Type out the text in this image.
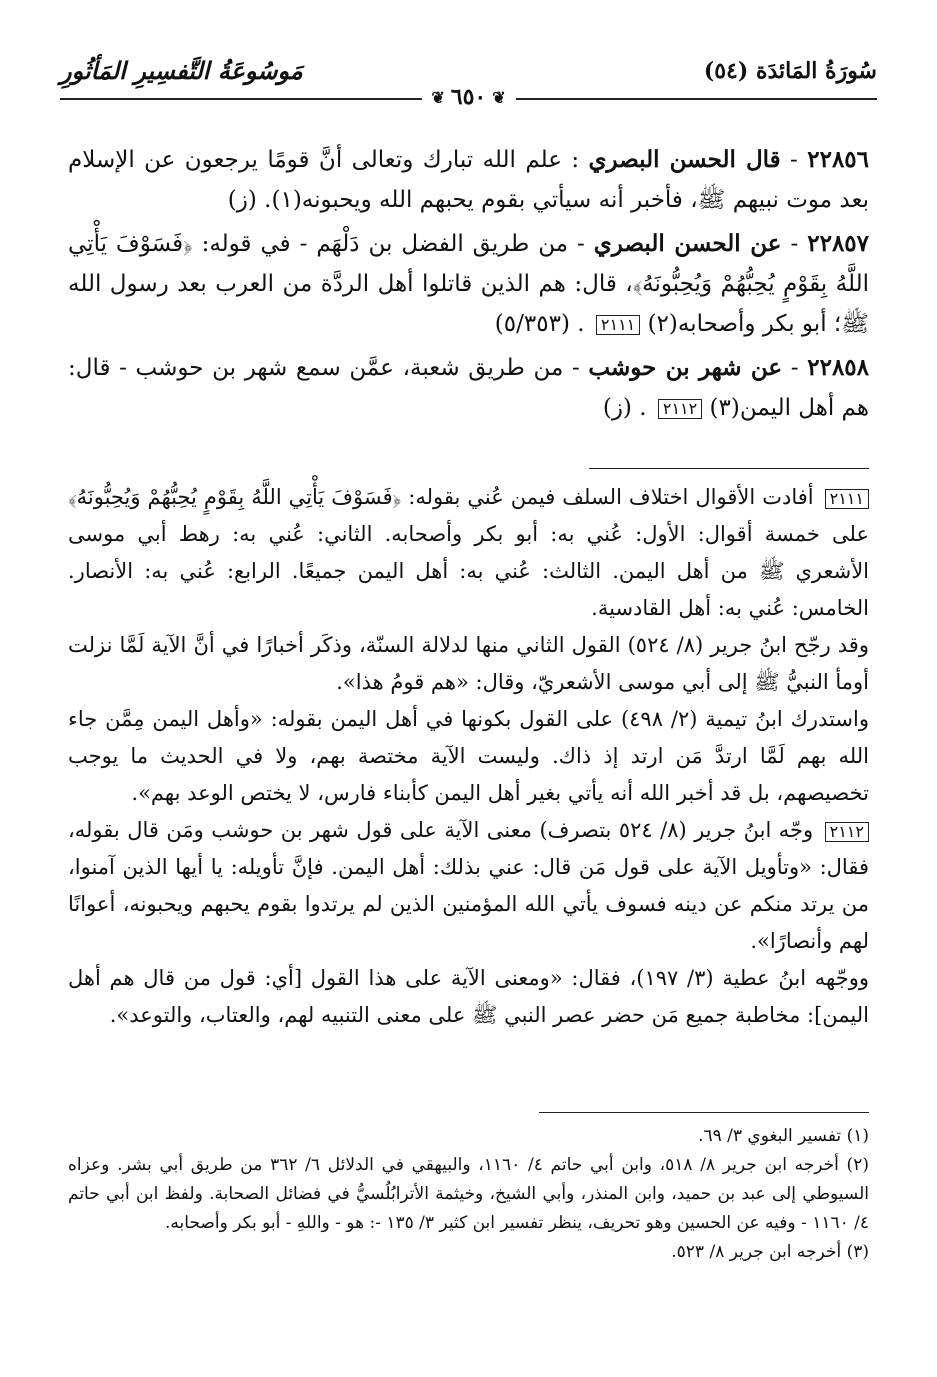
سُورَةُ المَائدَة (٥٤)
مَوسُوعَةُ التَّفسِيرِ المَأثُورِ
❦
٦٥٠
❦
٢٢٨٥٦ - قال الحسن البصري : علم الله تبارك وتعالى أنَّ قومًا يرجعون عن الإسلام بعد موت نبيهم ﷺ، فأخبر أنه سيأتي بقوم يحبهم الله ويحبونه(١). (ز)
٢٢٨٥٧ - عن الحسن البصري - من طريق الفضل بن دَلْهَم - في قوله: ﴿فَسَوْفَ يَأْتِي اللَّهُ بِقَوْمٍ يُحِبُّهُمْ وَيُحِبُّونَهُ﴾، قال: هم الذين قاتلوا أهل الردَّة من العرب بعد رسول الله ﷺ؛ أبو بكر وأصحابه(٢) ٢١١١ . (٥/٣٥٣)
٢٢٨٥٨ - عن شهر بن حوشب - من طريق شعبة، عمَّن سمع شهر بن حوشب - قال: هم أهل اليمن(٣) ٢١١٢ . (ز)

٢١١١ أفادت الأقوال اختلاف السلف فيمن عُني بقوله: ﴿فَسَوْفَ يَأْتِي اللَّهُ بِقَوْمٍ يُحِبُّهُمْ وَيُحِبُّونَهُ﴾ على خمسة أقوال: الأول: عُني به: أبو بكر وأصحابه. الثاني: عُني به: رهط أبي موسى الأشعري ﷺ من أهل اليمن. الثالث: عُني به: أهل اليمن جميعًا. الرابع: عُني به: الأنصار. الخامس: عُني به: أهل القادسية.

وقد رجّح ابنُ جرير (٨/ ٥٢٤) القول الثاني منها لدلالة السنّة، وذكَر أخبارًا في أنَّ الآية لَمَّا نزلت أومأ النبيُّ ﷺ إلى أبي موسى الأشعريّ، وقال: «هم قومُ هذا».

واستدرك ابنُ تيمية (٢/ ٤٩٨) على القول بكونها في أهل اليمن بقوله: «وأهل اليمن مِمَّن جاء الله بهم لَمَّا ارتدَّ مَن ارتد إذ ذاك. وليست الآية مختصة بهم، ولا في الحديث ما يوجب تخصيصهم، بل قد أخبر الله أنه يأتي بغير أهل اليمن كأبناء فارس، لا يختص الوعد بهم».

٢١١٢ وجّه ابنُ جرير (٨/ ٥٢٤ بتصرف) معنى الآية على قول شهر بن حوشب ومَن قال بقوله، فقال: «وتأويل الآية على قول مَن قال: عني بذلك: أهل اليمن. فإنَّ تأويله: يا أيها الذين آمنوا، من يرتد منكم عن دينه فسوف يأتي الله المؤمنين الذين لم يرتدوا بقوم يحبهم ويحبونه، أعوانًا لهم وأنصارًا».

ووجّهه ابنُ عطية (٣/ ١٩٧)، فقال: «ومعنى الآية على هذا القول [أي: قول من قال هم أهل اليمن]: مخاطبة جميع مَن حضر عصر النبي ﷺ على معنى التنبيه لهم، والعتاب، والتوعد».

(١) تفسير البغوي ٣/ ٦٩.

(٢) أخرجه ابن جرير ٨/ ٥١٨، وابن أبي حاتم ٤/ ١١٦٠، والبيهقي في الدلائل ٦/ ٣٦٢ من طريق أبي بشر. وعزاه السيوطي إلى عبد بن حميد، وابن المنذر، وأبي الشيخ، وخيثمة الأترابُلُسيُّ في فضائل الصحابة. ولفظ ابن أبي حاتم ٤/ ١١٦٠ - وفيه عن الحسين وهو تحريف، ينظر تفسير ابن كثير ٣/ ١٣٥ -: هو - واللهِ - أبو بكر وأصحابه.

(٣) أخرجه ابن جرير ٨/ ٥٢٣.
